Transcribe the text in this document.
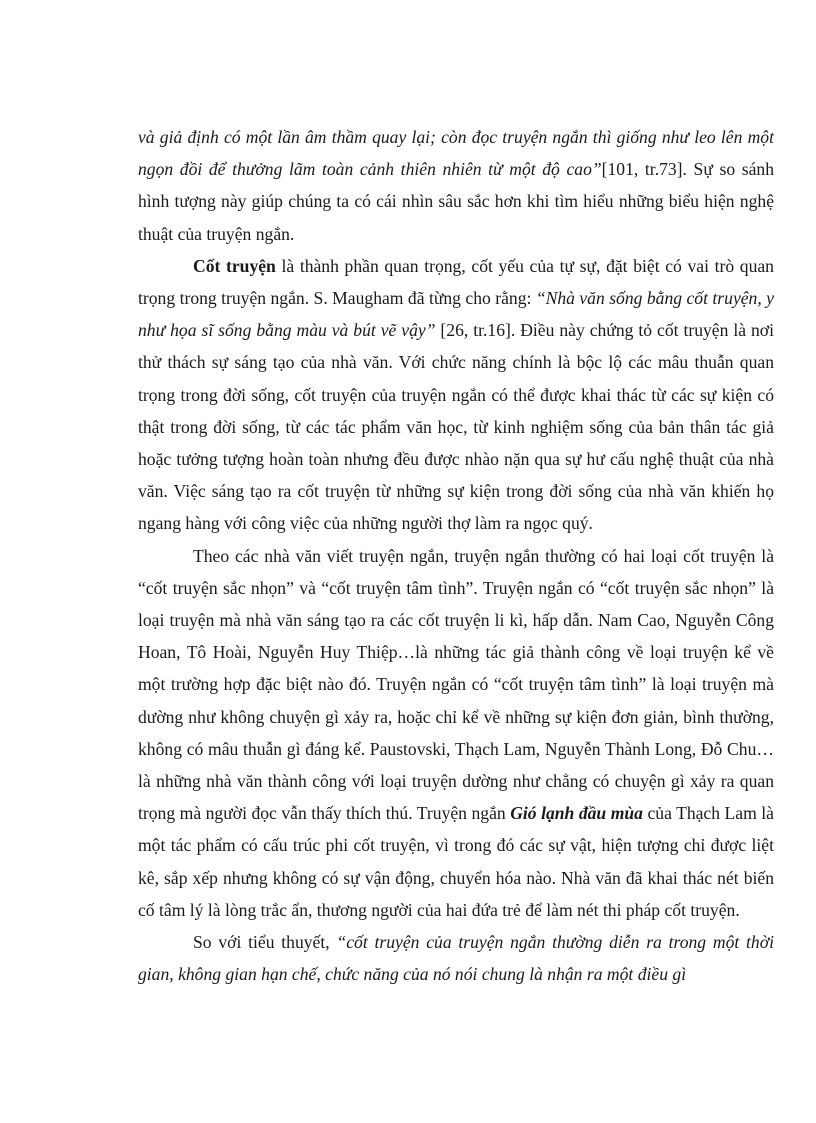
và giả định có một lần âm thầm quay lại; còn đọc truyện ngắn thì giống như leo lên một ngọn đồi để thưởng lãm toàn cảnh thiên nhiên từ một độ cao”[101, tr.73]. Sự so sánh hình tượng này giúp chúng ta có cái nhìn sâu sắc hơn khi tìm hiểu những biểu hiện nghệ thuật của truyện ngắn.

Cốt truyện là thành phần quan trọng, cốt yếu của tự sự, đặt biệt có vai trò quan trọng trong truyện ngắn. S. Maugham đã từng cho rằng: “Nhà văn sống bằng cốt truyện, y như họa sĩ sống bằng màu và bút vẽ vậy” [26, tr.16]. Điều này chứng tỏ cốt truyện là nơi thử thách sự sáng tạo của nhà văn. Với chức năng chính là bộc lộ các mâu thuẫn quan trọng trong đời sống, cốt truyện của truyện ngắn có thể được khai thác từ các sự kiện có thật trong đời sống, từ các tác phẩm văn học, từ kinh nghiệm sống của bản thân tác giả hoặc tưởng tượng hoàn toàn nhưng đều được nhào nặn qua sự hư cấu nghệ thuật của nhà văn. Việc sáng tạo ra cốt truyện từ những sự kiện trong đời sống của nhà văn khiến họ ngang hàng với công việc của những người thợ làm ra ngọc quý.

Theo các nhà văn viết truyện ngắn, truyện ngắn thường có hai loại cốt truyện là “cốt truyện sắc nhọn” và “cốt truyện tâm tình”. Truyện ngắn có “cốt truyện sắc nhọn” là loại truyện mà nhà văn sáng tạo ra các cốt truyện li kì, hấp dẫn. Nam Cao, Nguyễn Công Hoan, Tô Hoài, Nguyễn Huy Thiệp…là những tác giả thành công về loại truyện kể về một trường hợp đặc biệt nào đó. Truyện ngắn có “cốt truyện tâm tình” là loại truyện mà dường như không chuyện gì xảy ra, hoặc chỉ kể về những sự kiện đơn giản, bình thường, không có mâu thuẫn gì đáng kể. Paustovski, Thạch Lam, Nguyễn Thành Long, Đỗ Chu…là những nhà văn thành công với loại truyện dường như chẳng có chuyện gì xảy ra quan trọng mà người đọc vẫn thấy thích thú. Truyện ngắn Gió lạnh đầu mùa của Thạch Lam là một tác phẩm có cấu trúc phi cốt truyện, vì trong đó các sự vật, hiện tượng chỉ được liệt kê, sắp xếp nhưng không có sự vận động, chuyển hóa nào. Nhà văn đã khai thác nét biến cố tâm lý là lòng trắc ẩn, thương người của hai đứa trẻ để làm nét thi pháp cốt truyện.

So với tiểu thuyết, “cốt truyện của truyện ngắn thường diễn ra trong một thời gian, không gian hạn chế, chức năng của nó nói chung là nhận ra một điều gì
